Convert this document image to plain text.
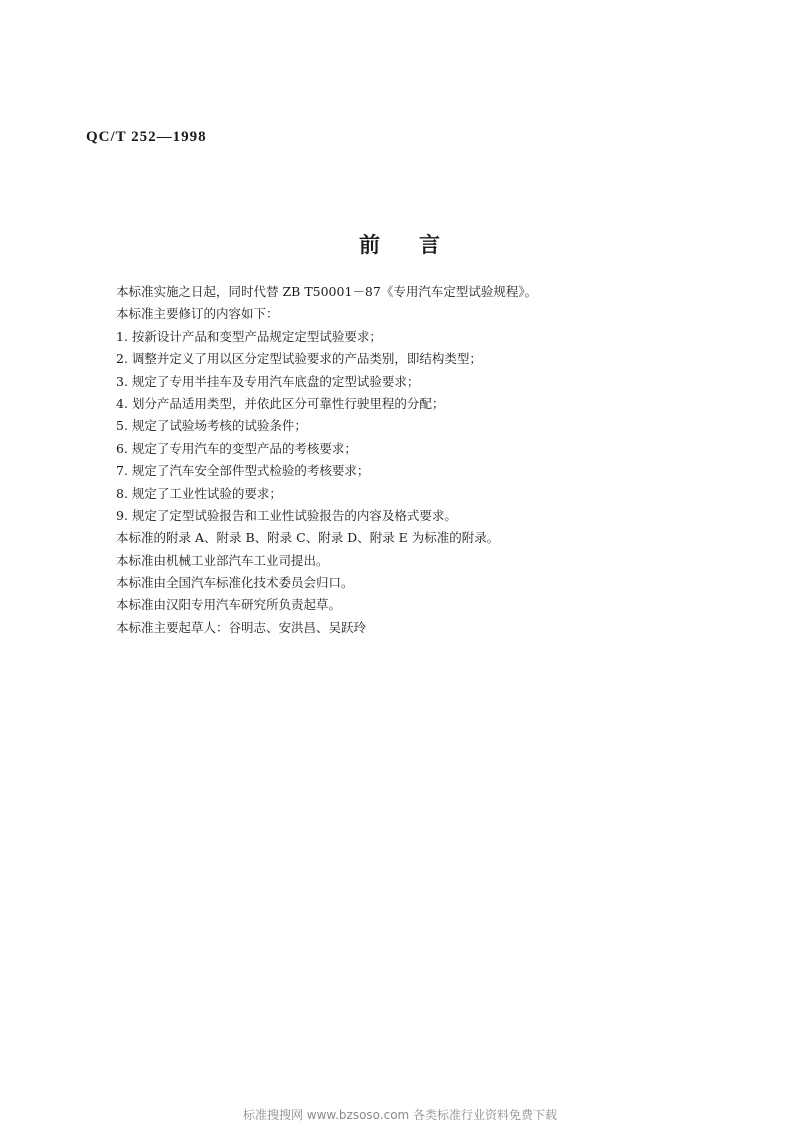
QC/T 252—1998
前 言
本标准实施之日起，同时代替 ZB T50001－87《专用汽车定型试验规程》。
本标准主要修订的内容如下：
1. 按新设计产品和变型产品规定定型试验要求；
2. 调整并定义了用以区分定型试验要求的产品类别，即结构类型；
3. 规定了专用半挂车及专用汽车底盘的定型试验要求；
4. 划分产品适用类型，并依此区分可靠性行驶里程的分配；
5. 规定了试验场考核的试验条件；
6. 规定了专用汽车的变型产品的考核要求；
7. 规定了汽车安全部件型式检验的考核要求；
8. 规定了工业性试验的要求；
9. 规定了定型试验报告和工业性试验报告的内容及格式要求。
本标准的附录 A、附录 B、附录 C、附录 D、附录 E 为标准的附录。
本标准由机械工业部汽车工业司提出。
本标准由全国汽车标准化技术委员会归口。
本标准由汉阳专用汽车研究所负责起草。
本标准主要起草人：谷明志、安洪昌、吴跃玲
标准搜搜网 www.bzsoso.com 各类标准行业资料免费下载
